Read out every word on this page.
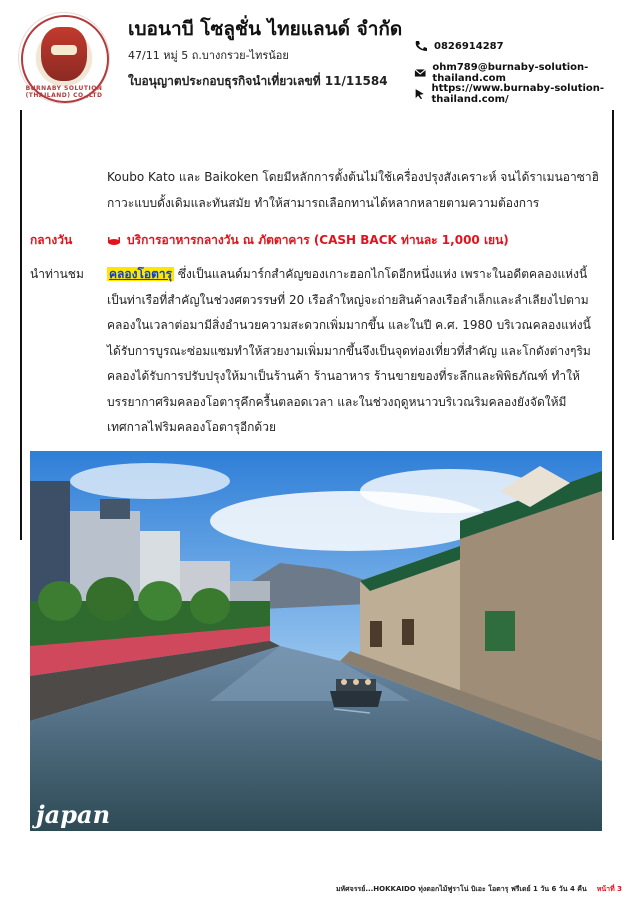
BURNABY SOLUTION (THAILAND) CO.,LTD
เบอนาบี โซลูชั่น ไทยแลนด์ จำกัด
47/11 หมู่ 5 ถ.บางกรวย-ไทรน้อย
ใบอนุญาตประกอบธุรกิจนำเที่ยวเลขที่ 11/11584
0826914287
ohm789@burnaby-solution-thailand.com
https://www.burnaby-solution-thailand.com/
Koubo Kato และ Baikoken โดยมีหลักการตั้งต้นไม่ใช้เครื่องปรุงสังเคราะห์ จนได้ราเมนอาซาฮิกาวะแบบดั้งเดิมและทันสมัย ทำให้สามารถเลือกทานได้หลากหลายตามความต้องการ
กลางวัน	บริการอาหารกลางวัน ณ ภัตตาคาร (CASH BACK ท่านละ 1,000 เยน)
นำท่านชม คลองโอตารุ ซึ่งเป็นแลนด์มาร์กสำคัญของเกาะฮอกไกโดอีกหนึ่งแห่ง เพราะในอดีตคลองแห่งนี้เป็นท่าเรือที่สำคัญในช่วงศตวรรษที่ 20 เรือลำใหญ่จะถ่ายสินค้าลงเรือลำเล็กและลำเลียงไปตามคลองในเวลาต่อมามีสิ่งอำนวยความสะดวกเพิ่มมากขึ้น และในปี ค.ศ. 1980 บริเวณคลองแห่งนี้ได้รับการบูรณะซ่อมแซมทำให้สวยงามเพิ่มมากขึ้นจึงเป็นจุดท่องเที่ยวที่สำคัญ และโกดังต่างๆริมคลองได้รับการปรับปรุงให้มาเป็นร้านค้า ร้านอาหาร ร้านขายของที่ระลึกและพิพิธภัณฑ์ ทำให้บรรยากาศริมคลองโอตารุคึกครื้นตลอดเวลา และในช่วงฤดูหนาวบริเวณริมคลองยังจัดให้มีเทศกาลไฟริมคลองโอตารุอีกด้วย
japan
มหัศจรรย์...HOKKAIDO ทุ่งดอกไม้ฟูราโน่ บิเอะ โอตารุ ฟรีเดย์ 1 วัน 6 วัน 4 คืน หน้าที่ 3
